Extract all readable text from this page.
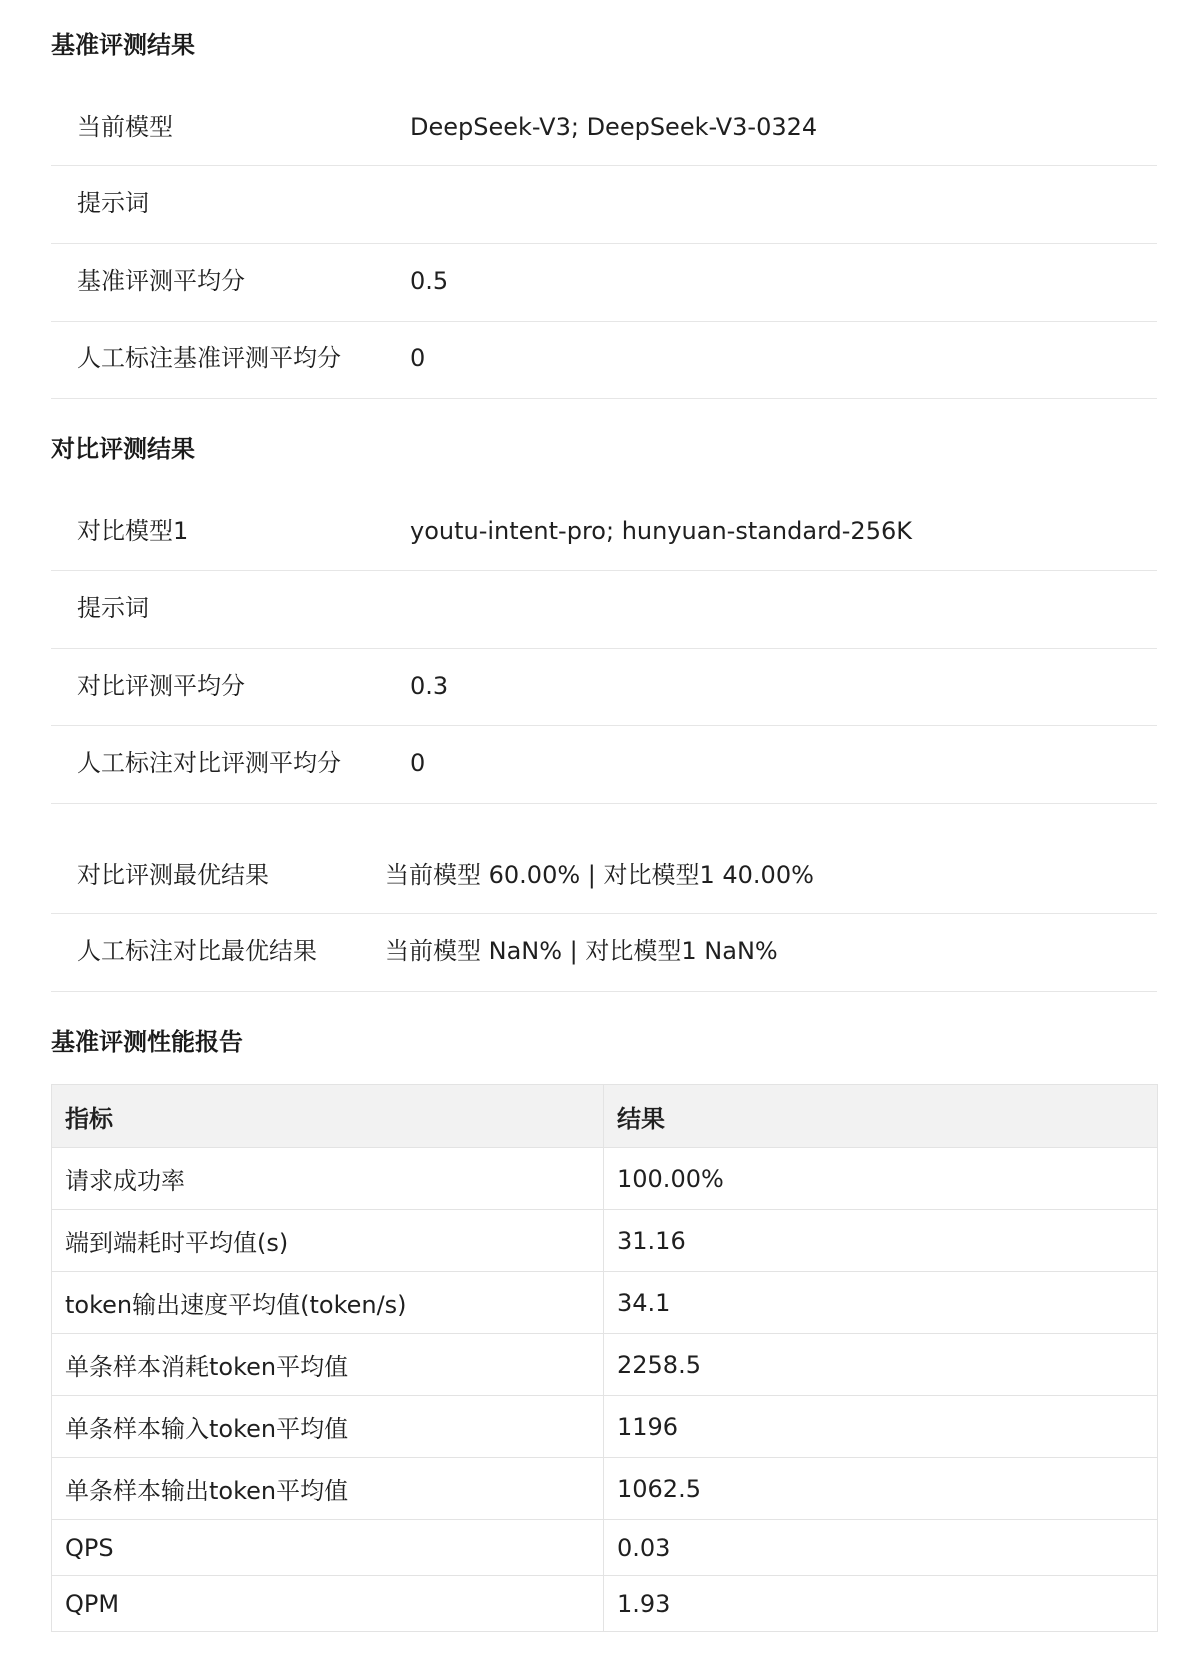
基准评测结果
当前模型	DeepSeek-V3; DeepSeek-V3-0324
提示词
基准评测平均分	0.5
人工标注基准评测平均分	0
对比评测结果
对比模型1	youtu-intent-pro; hunyuan-standard-256K
提示词
对比评测平均分	0.3
人工标注对比评测平均分	0
对比评测最优结果	当前模型 60.00% | 对比模型1 40.00%
人工标注对比最优结果	当前模型 NaN% | 对比模型1 NaN%
基准评测性能报告
指标	结果
请求成功率	100.00%
端到端耗时平均值(s)	31.16
token输出速度平均值(token/s)	34.1
单条样本消耗token平均值	2258.5
单条样本输入token平均值	1196
单条样本输出token平均值	1062.5
QPS	0.03
QPM	1.93
